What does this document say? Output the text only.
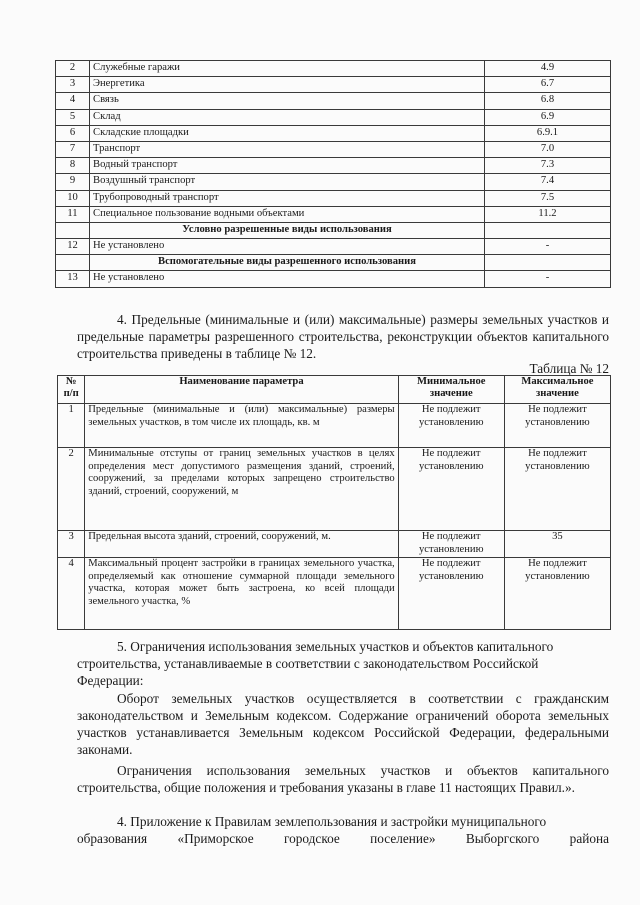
2	Служебные гаражи	4.9
3	Энергетика	6.7
4	Связь	6.8
5	Склад	6.9
6	Складские площадки	6.9.1
7	Транспорт	7.0
8	Водный транспорт	7.3
9	Воздушный транспорт	7.4
10	Трубопроводный транспорт	7.5
11	Специальное пользование водными объектами	11.2
	Условно разрешенные виды использования	
12	Не установлено	-
	Вспомогательные виды разрешенного использования	
13	Не установлено	-
4. Предельные (минимальные и (или) максимальные) размеры земельных участков и предельные параметры разрешенного строительства, реконструкции объектов капитального строительства приведены в таблице № 12.
Таблица № 12
№ п/п	Наименование параметра	Минимальное значение	Максимальное значение
1	Предельные (минимальные и (или) максимальные) размеры земельных участков, в том числе их площадь, кв. м	Не подлежит установлению	Не подлежит установлению
2	Минимальные отступы от границ земельных участков в целях определения мест допустимого размещения зданий, строений, сооружений, за пределами которых запрещено строительство зданий, строений, сооружений, м	Не подлежит установлению	Не подлежит установлению
3	Предельная высота зданий, строений, сооружений, м.	Не подлежит установлению	35
4	Максимальный процент застройки в границах земельного участка, определяемый как отношение суммарной площади земельного участка, которая может быть застроена, ко всей площади земельного участка, %	Не подлежит установлению	Не подлежит установлению
5. Ограничения использования земельных участков и объектов капитального
строительства, устанавливаемые в соответствии с законодательством Российской
Федерации:
Оборот земельных участков осуществляется в соответствии с гражданским законодательством и Земельным кодексом. Содержание ограничений оборота земельных участков устанавливается Земельным кодексом Российской Федерации, федеральными законами.
Ограничения использования земельных участков и объектов капитального строительства, общие положения и требования указаны в главе 11 настоящих Правил.».
4. Приложение к Правилам землепользования и застройки муниципального
образования «Приморское городское поселение» Выборгского района
